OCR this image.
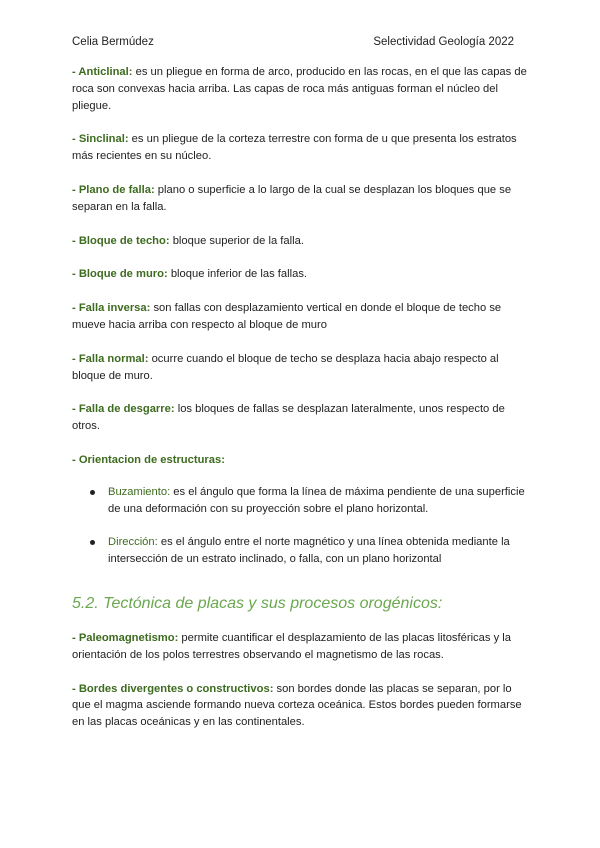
Celia Bermúdez	Selectividad Geología 2022

- Anticlinal: es un pliegue en forma de arco, producido en las rocas, en el que las capas de roca son convexas hacia arriba. Las capas de roca más antiguas forman el núcleo del pliegue.

- Sinclinal: es un pliegue de la corteza terrestre con forma de u que presenta los estratos más recientes en su núcleo.

- Plano de falla: plano o superficie a lo largo de la cual se desplazan los bloques que se separan en la falla.

- Bloque de techo: bloque superior de la falla.

- Bloque de muro: bloque inferior de las fallas.

- Falla inversa: son fallas con desplazamiento vertical en donde el bloque de techo se mueve hacia arriba con respecto al bloque de muro

- Falla normal: ocurre cuando el bloque de techo se desplaza hacia abajo respecto al bloque de muro.

- Falla de desgarre: los bloques de fallas se desplazan lateralmente, unos respecto de otros.

- Orientacion de estructuras:

Buzamiento: es el ángulo que forma la línea de máxima pendiente de una superficie de una deformación con su proyección sobre el plano horizontal.
Dirección: es el ángulo entre el norte magnético y una línea obtenida mediante la intersección de un estrato inclinado, o falla, con un plano horizontal
5.2. Tectónica de placas y sus procesos orogénicos:

- Paleomagnetismo: permite cuantificar el desplazamiento de las placas litosféricas y la orientación de los polos terrestres observando el magnetismo de las rocas.

- Bordes divergentes o constructivos: son bordes donde las placas se separan, por lo que el magma asciende formando nueva corteza oceánica. Estos bordes pueden formarse en las placas oceánicas y en las continentales.
